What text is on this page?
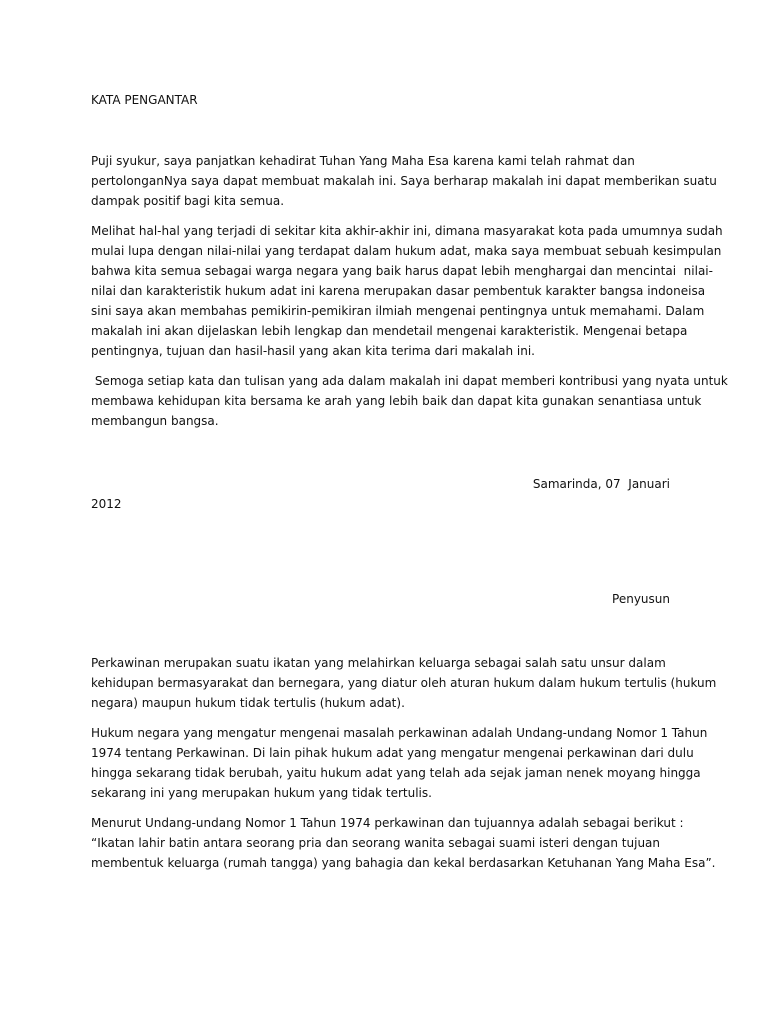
KATA PENGANTAR
Puji syukur, saya panjatkan kehadirat Tuhan Yang Maha Esa karena kami telah rahmat dan
pertolonganNya saya dapat membuat makalah ini. Saya berharap makalah ini dapat memberikan suatu
dampak positif bagi kita semua.
Melihat hal-hal yang terjadi di sekitar kita akhir-akhir ini, dimana masyarakat kota pada umumnya sudah
mulai lupa dengan nilai-nilai yang terdapat dalam hukum adat, maka saya membuat sebuah kesimpulan
bahwa kita semua sebagai warga negara yang baik harus dapat lebih menghargai dan mencintai  nilai-
nilai dan karakteristik hukum adat ini karena merupakan dasar pembentuk karakter bangsa indoneisa
sini saya akan membahas pemikirin-pemikiran ilmiah mengenai pentingnya untuk memahami. Dalam
makalah ini akan dijelaskan lebih lengkap dan mendetail mengenai karakteristik. Mengenai betapa
pentingnya, tujuan dan hasil-hasil yang akan kita terima dari makalah ini.
Semoga setiap kata dan tulisan yang ada dalam makalah ini dapat memberi kontribusi yang nyata untuk
membawa kehidupan kita bersama ke arah yang lebih baik dan dapat kita gunakan senantiasa untuk
membangun bangsa.
Samarinda, 07  Januari
2012
Penyusun
Perkawinan merupakan suatu ikatan yang melahirkan keluarga sebagai salah satu unsur dalam
kehidupan bermasyarakat dan bernegara, yang diatur oleh aturan hukum dalam hukum tertulis (hukum
negara) maupun hukum tidak tertulis (hukum adat).
Hukum negara yang mengatur mengenai masalah perkawinan adalah Undang-undang Nomor 1 Tahun
1974 tentang Perkawinan. Di lain pihak hukum adat yang mengatur mengenai perkawinan dari dulu
hingga sekarang tidak berubah, yaitu hukum adat yang telah ada sejak jaman nenek moyang hingga
sekarang ini yang merupakan hukum yang tidak tertulis.
Menurut Undang-undang Nomor 1 Tahun 1974 perkawinan dan tujuannya adalah sebagai berikut :
“Ikatan lahir batin antara seorang pria dan seorang wanita sebagai suami isteri dengan tujuan
membentuk keluarga (rumah tangga) yang bahagia dan kekal berdasarkan Ketuhanan Yang Maha Esa”.
